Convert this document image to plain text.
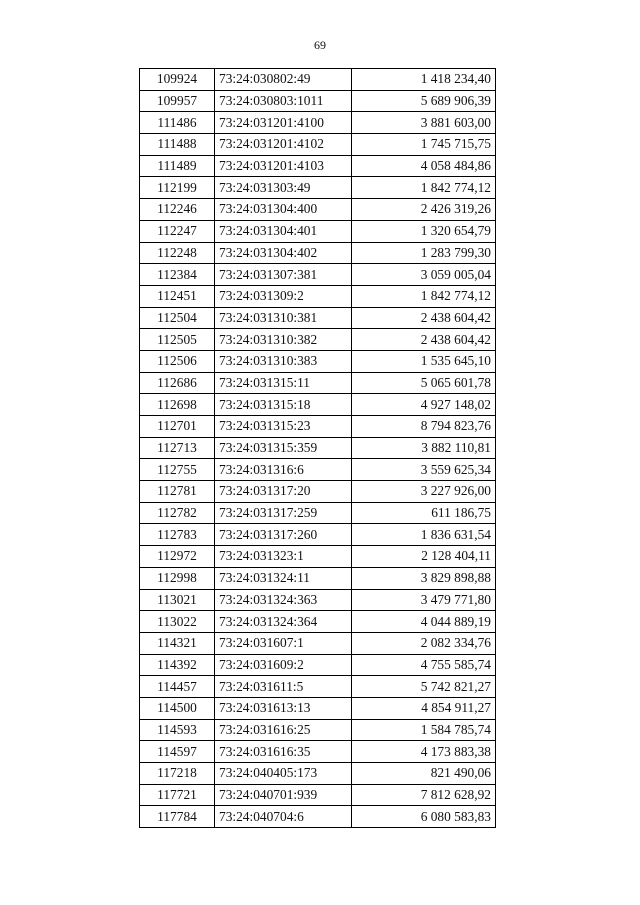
69
109924	73:24:030802:49	1 418 234,40
109957	73:24:030803:1011	5 689 906,39
111486	73:24:031201:4100	3 881 603,00
111488	73:24:031201:4102	1 745 715,75
111489	73:24:031201:4103	4 058 484,86
112199	73:24:031303:49	1 842 774,12
112246	73:24:031304:400	2 426 319,26
112247	73:24:031304:401	1 320 654,79
112248	73:24:031304:402	1 283 799,30
112384	73:24:031307:381	3 059 005,04
112451	73:24:031309:2	1 842 774,12
112504	73:24:031310:381	2 438 604,42
112505	73:24:031310:382	2 438 604,42
112506	73:24:031310:383	1 535 645,10
112686	73:24:031315:11	5 065 601,78
112698	73:24:031315:18	4 927 148,02
112701	73:24:031315:23	8 794 823,76
112713	73:24:031315:359	3 882 110,81
112755	73:24:031316:6	3 559 625,34
112781	73:24:031317:20	3 227 926,00
112782	73:24:031317:259	611 186,75
112783	73:24:031317:260	1 836 631,54
112972	73:24:031323:1	2 128 404,11
112998	73:24:031324:11	3 829 898,88
113021	73:24:031324:363	3 479 771,80
113022	73:24:031324:364	4 044 889,19
114321	73:24:031607:1	2 082 334,76
114392	73:24:031609:2	4 755 585,74
114457	73:24:031611:5	5 742 821,27
114500	73:24:031613:13	4 854 911,27
114593	73:24:031616:25	1 584 785,74
114597	73:24:031616:35	4 173 883,38
117218	73:24:040405:173	821 490,06
117721	73:24:040701:939	7 812 628,92
117784	73:24:040704:6	6 080 583,83
